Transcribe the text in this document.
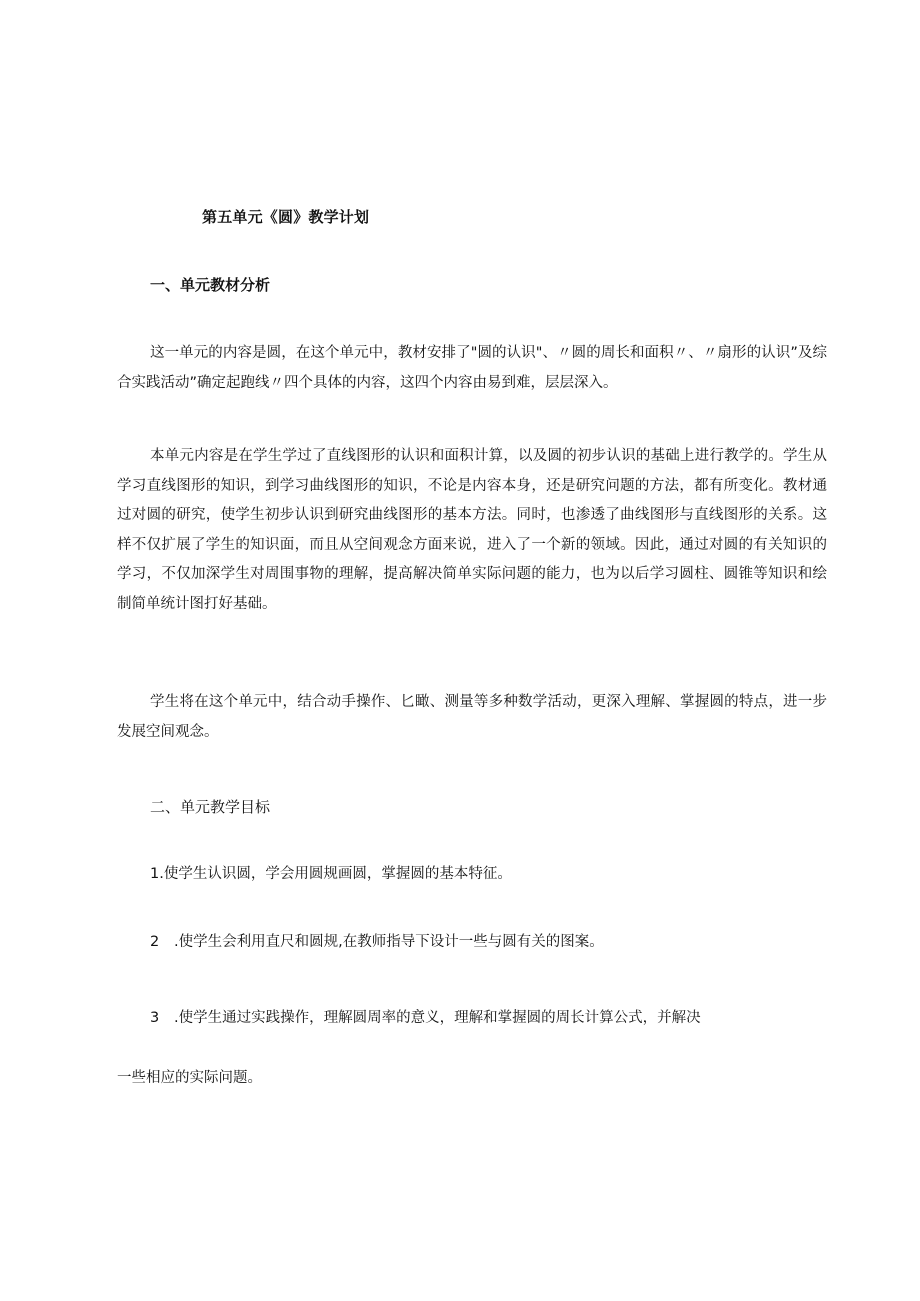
第五单元《圆》教学计划
一、单元教材分析

这一单元的内容是圆，在这个单元中，教材安排了"圆的认识"、〃圆的周长和面积〃、〃扇形的认识”及综合实践活动”确定起跑线〃四个具体的内容，这四个内容由易到难，层层深入。

本单元内容是在学生学过了直线图形的认识和面积计算，以及圆的初步认识的基础上进行教学的。学生从学习直线图形的知识，到学习曲线图形的知识，不论是内容本身，还是研究问题的方法，都有所变化。教材通过对圆的研究，使学生初步认识到研究曲线图形的基本方法。同时，也渗透了曲线图形与直线图形的关系。这样不仅扩展了学生的知识面，而且从空间观念方面来说，进入了一个新的领域。因此，通过对圆的有关知识的学习，不仅加深学生对周围事物的理解，提高解决简单实际问题的能力，也为以后学习圆柱、圆锥等知识和绘制简单统计图打好基础。

学生将在这个单元中，结合动手操作、匕瞰、测量等多种数学活动，更深入理解、掌握圆的特点，进一步发展空间观念。

二、单元教学目标
1.使学生认识圆，学会用圆规画圆，掌握圆的基本特征。
2 .使学生会利用直尺和圆规,在教师指导下设计一些与圆有关的图案。
3 .使学生通过实践操作，理解圆周率的意义，理解和掌握圆的周长计算公式，并解决
一些相应的实际问题。
